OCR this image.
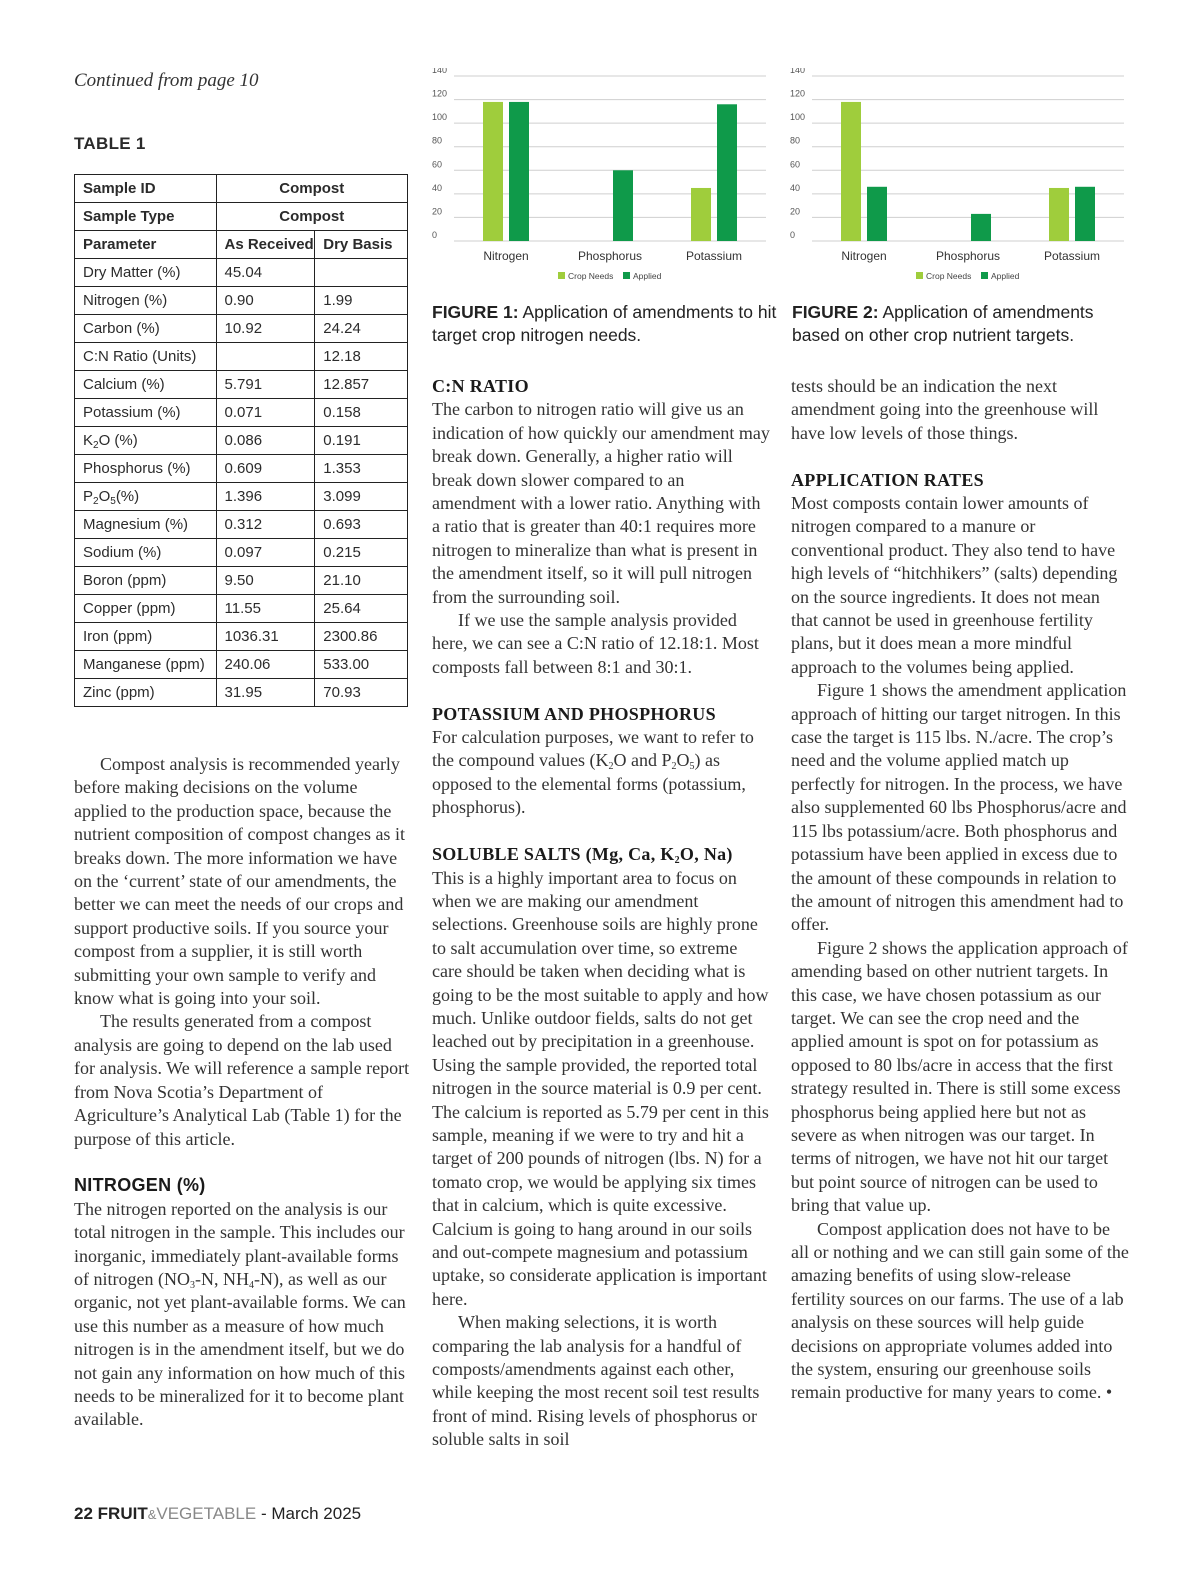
Continued from page 10
TABLE 1
Sample ID	Compost	
Sample Type	Compost	
Parameter	As Received	Dry Basis
Dry Matter (%)	45.04	
Nitrogen (%)	0.90	1.99
Carbon (%)	10.92	24.24
C:N Ratio (Units)		12.18
Calcium (%)	5.791	12.857
Potassium (%)	0.071	0.158
$K_2O$ (%)	0.086	0.191
Phosphorus (%)	0.609	1.353
$P_2O_5(\%)$	1.396	3.099
Magnesium (%)	0.312	0.693
Sodium (%)	0.097	0.215
Boron (ppm)	9.50	21.10
Copper (ppm)	11.55	25.64
Iron (ppm)	1036.31	2300.86
Manganese (ppm)	240.06	533.00
Zinc (ppm)	31.95	70.93

Compost analysis is recommended yearly before making decisions on the volume applied to the production space, because the nutrient composition of compost changes as it breaks down. The more information we have on the ‘current’ state of our amendments, the better we can meet the needs of our crops and support productive soils. If you source your compost from a supplier, it is still worth submitting your own sample to verify and know what is going into your soil.

The results generated from a compost analysis are going to depend on the lab used for analysis. We will reference a sample report from Nova Scotia’s Department of Agriculture’s Analytical Lab (Table 1) for the purpose of this article.

NITROGEN (%)

The nitrogen reported on the analysis is our total nitrogen in the sample. This includes our inorganic, immediately plant-available forms of nitrogen ($NO_3-N$, $NH_4-N$), as well as our organic, not yet plant-available forms. We can use this number as a measure of how much nitrogen is in the amendment itself, but we do not gain any information on how much of this needs to be mineralized for it to become plant available.

0
20
40
60
80
100
120
140
Nitrogen	Phosphorus	Potassium
Crop Needs Applied
FIGURE 1: Application of amendments to hit target crop nitrogen needs.
0
20
40
60
80
100
120
140
Nitrogen	Phosphorus	Potassium
Crop Needs Applied
FIGURE 2: Application of amendments based on other crop nutrient targets.

C:N RATIO

The carbon to nitrogen ratio will give us an indication of how quickly our amendment may break down. Generally, a higher ratio will break down slower compared to an amendment with a lower ratio. Anything with a ratio that is greater than 40:1 requires more nitrogen to mineralize than what is present in the amendment itself, so it will pull nitrogen from the surrounding soil.

If we use the sample analysis provided here, we can see a C:N ratio of 12.18:1. Most composts fall between 8:1 and 30:1.

POTASSIUM AND PHOSPHORUS

For calculation purposes, we want to refer to the compound values ($K_2O$ and $P_2O_5$) as opposed to the elemental forms (potassium, phosphorus).

SOLUBLE SALTS (Mg, Ca, $K_2O$, Na)

This is a highly important area to focus on when we are making our amendment selections. Greenhouse soils are highly prone to salt accumulation over time, so extreme care should be taken when deciding what is going to be the most suitable to apply and how much. Unlike outdoor fields, salts do not get leached out by precipitation in a greenhouse. Using the sample provided, the reported total nitrogen in the source material is 0.9 per cent. The calcium is reported as 5.79 per cent in this sample, meaning if we were to try and hit a target of 200 pounds of nitrogen (lbs. N) for a tomato crop, we would be applying six times that in calcium, which is quite excessive. Calcium is going to hang around in our soils and out-compete magnesium and potassium uptake, so considerate application is important here.

When making selections, it is worth comparing the lab analysis for a handful of composts/amendments against each other, while keeping the most recent soil test results front of mind. Rising levels of phosphorus or soluble salts in soil

tests should be an indication the next amendment going into the greenhouse will have low levels of those things.

APPLICATION RATES

Most composts contain lower amounts of nitrogen compared to a manure or conventional product. They also tend to have high levels of “hitchhikers” (salts) depending on the source ingredients. It does not mean that cannot be used in greenhouse fertility plans, but it does mean a more mindful approach to the volumes being applied.

Figure 1 shows the amendment application approach of hitting our target nitrogen. In this case the target is 115 lbs. N./acre. The crop’s need and the volume applied match up perfectly for nitrogen. In the process, we have also supplemented 60 lbs Phosphorus/acre and 115 lbs potassium/acre. Both phosphorus and potassium have been applied in excess due to the amount of these compounds in relation to the amount of nitrogen this amendment had to offer.

Figure 2 shows the application approach of amending based on other nutrient targets. In this case, we have chosen potassium as our target. We can see the crop need and the applied amount is spot on for potassium as opposed to 80 lbs/acre in access that the first strategy resulted in. There is still some excess phosphorus being applied here but not as severe as when nitrogen was our target. In terms of nitrogen, we have not hit our target but point source of nitrogen can be used to bring that value up.

Compost application does not have to be all or nothing and we can still gain some of the amazing benefits of using slow-release fertility sources on our farms. The use of a lab analysis on these sources will help guide decisions on appropriate volumes added into the system, ensuring our greenhouse soils remain productive for many years to come. •

22 FRUIT&VEGETABLE - March 2025
